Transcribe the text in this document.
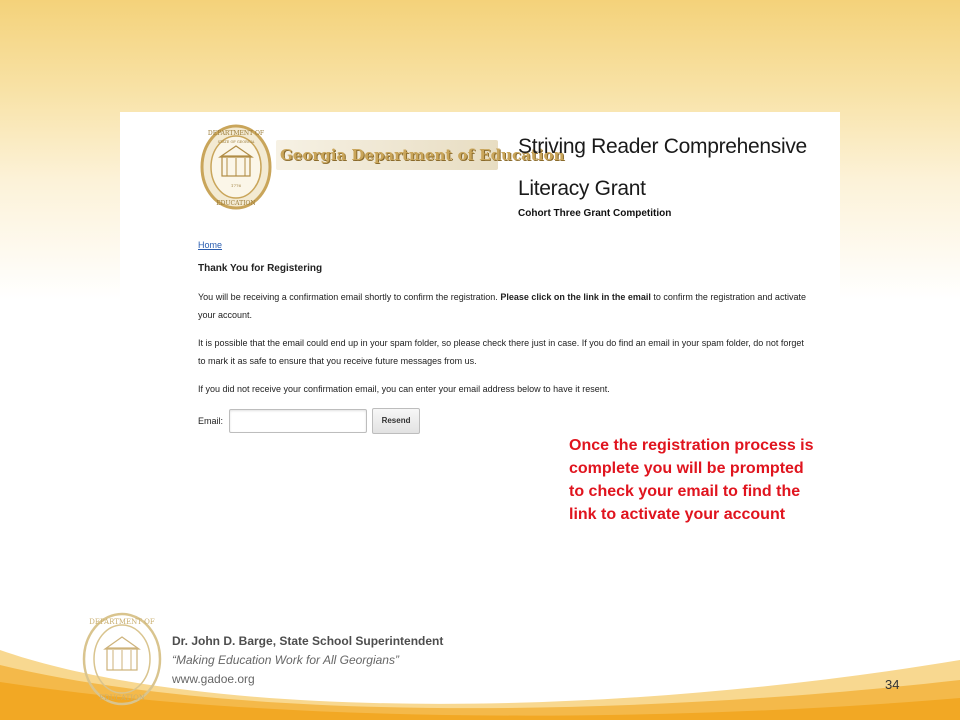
DEPARTMENT OF
EDUCATION
STATE OF GEORGIA
1776
Georgia Department of Education
Striving Reader Comprehensive
Literacy Grant
Cohort Three Grant Competition
Home
Thank You for Registering
You will be receiving a confirmation email shortly to confirm the registration. Please click on the link in the email to confirm the registration and activate your account.
It is possible that the email could end up in your spam folder, so please check there just in case. If you do find an email in your spam folder, do not forget to mark it as safe to ensure that you receive future messages from us.
If you did not receive your confirmation email, you can enter your email address below to have it resent.
Email:	Resend
Once the registration process is complete you will be prompted to check your email to find the link to activate your account
DEPARTMENT OF
EDUCATION
Dr. John D. Barge, State School Superintendent
“Making Education Work for All Georgians”
www.gadoe.org	34
